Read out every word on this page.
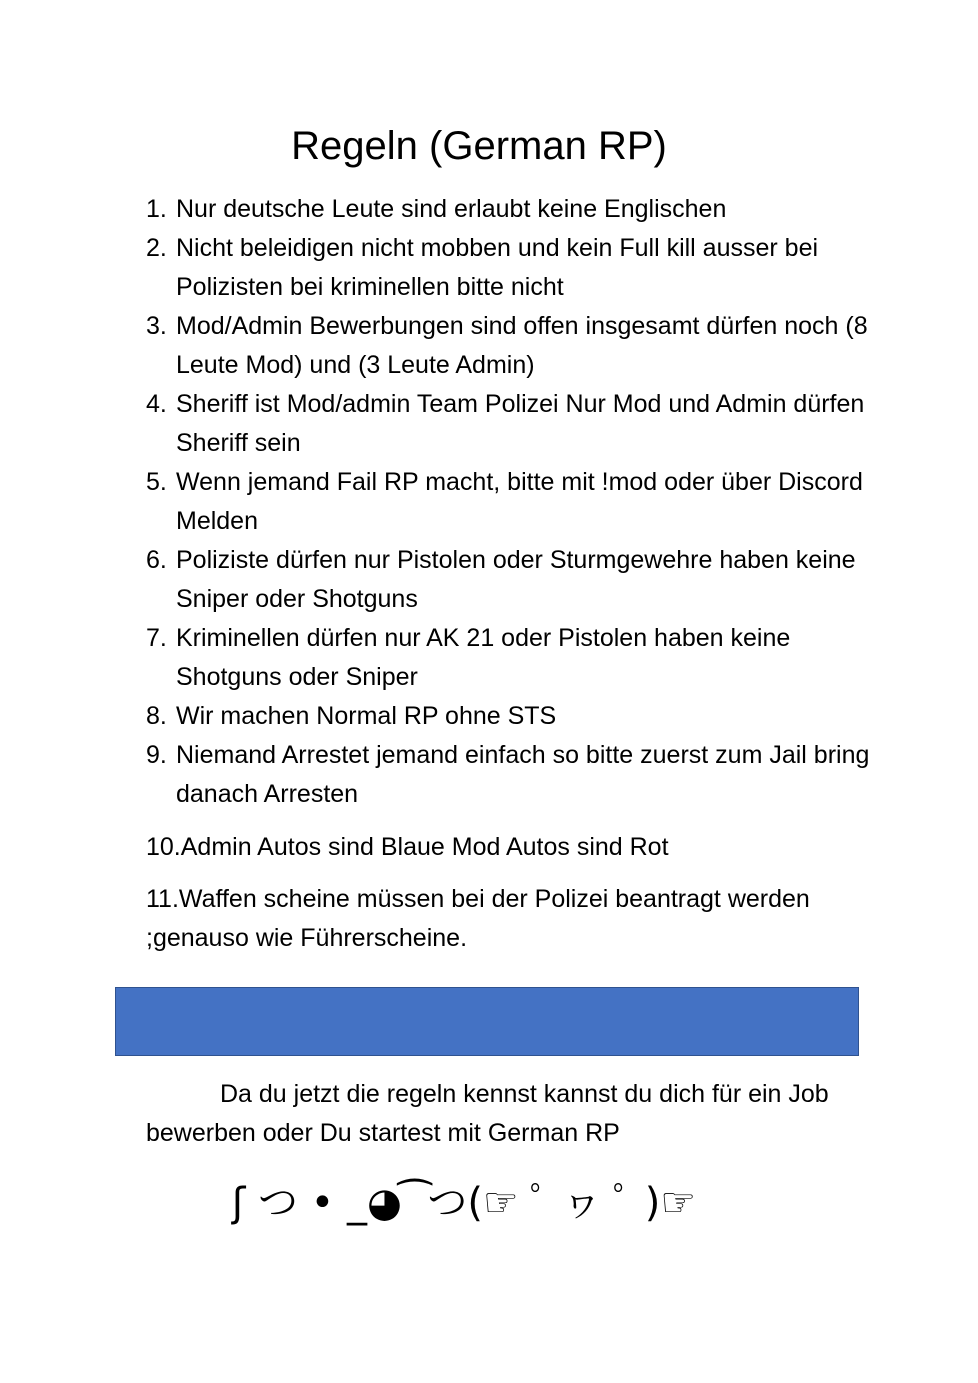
Regeln (German RP)
1. Nur deutsche Leute sind erlaubt keine Englischen
2. Nicht beleidigen nicht mobben und kein Full kill ausser bei Polizisten bei kriminellen bitte nicht
3. Mod/Admin Bewerbungen sind offen insgesamt dürfen noch (8 Leute Mod) und (3 Leute Admin)
4. Sheriff ist Mod/admin Team Polizei Nur Mod und Admin dürfen Sheriff sein
5. Wenn jemand Fail RP macht, bitte mit !mod oder über Discord Melden
6. Poliziste dürfen nur Pistolen oder Sturmgewehre haben keine Sniper oder Shotguns
7. Kriminellen dürfen nur AK 21 oder Pistolen haben keine Shotguns oder Sniper
8. Wir machen Normal RP ohne STS
9. Niemand Arrestet jemand einfach so bitte zuerst zum Jail bring danach Arresten

10.Admin Autos sind Blaue Mod Autos sind Rot

11.Waffen scheine müssen bei der Polizei beantragt werden ;genauso wie Führerscheine.

Da du jetzt die regeln kennst kannst du dich für ein Job bewerben oder Du startest mit German RP

ʃ つ • _◕ ͡ つ(☞ ﾟ ヮ ﾟ )☞
